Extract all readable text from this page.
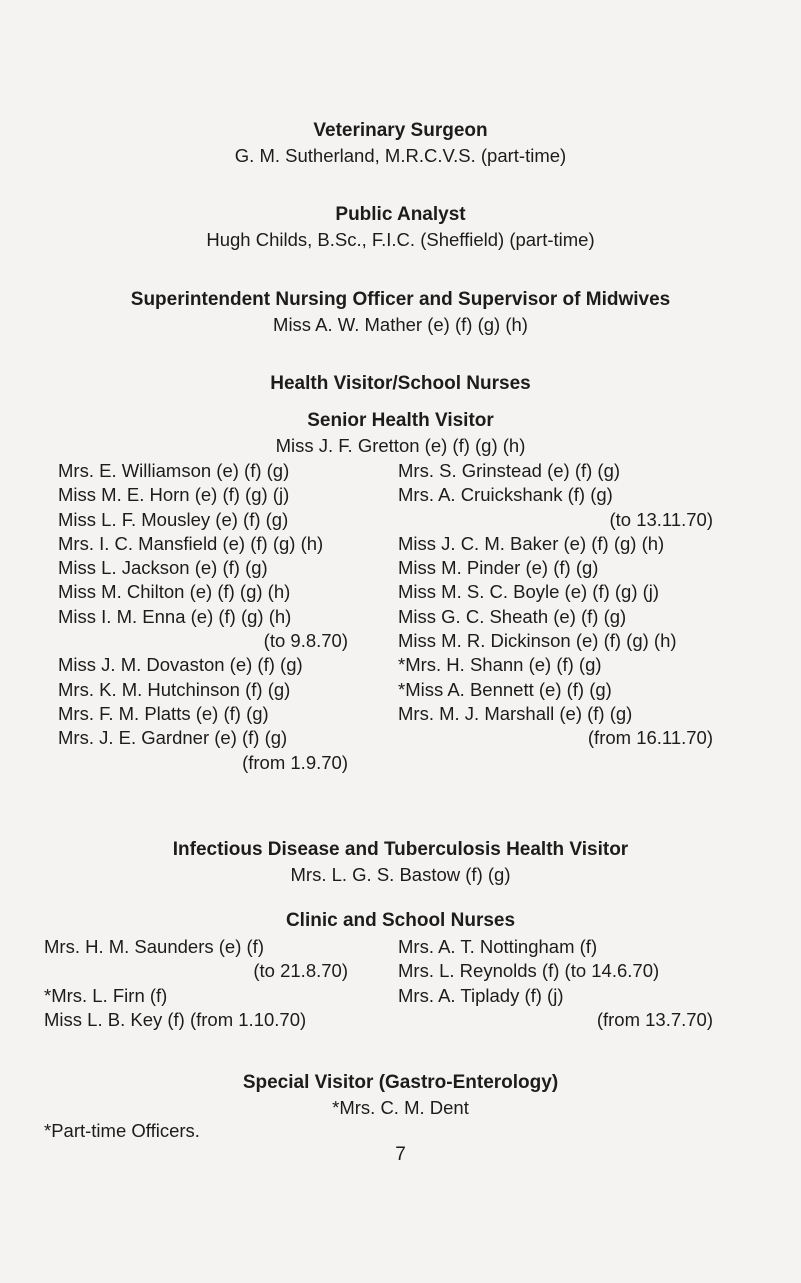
Veterinary Surgeon
G. M. Sutherland, M.R.C.V.S. (part-time)
Public Analyst
Hugh Childs, B.Sc., F.I.C. (Sheffield) (part-time)
Superintendent Nursing Officer and Supervisor of Midwives
Miss A. W. Mather (e) (f) (g) (h)
Health Visitor/School Nurses
Senior Health Visitor
Miss J. F. Gretton (e) (f) (g) (h)
Mrs. E. Williamson (e) (f) (g)
Miss M. E. Horn (e) (f) (g) (j)
Miss L. F. Mousley (e) (f) (g)
Mrs. I. C. Mansfield (e) (f) (g) (h)
Miss L. Jackson (e) (f) (g)
Miss M. Chilton (e) (f) (g) (h)
Miss I. M. Enna (e) (f) (g) (h)
(to 9.8.70)
Miss J. M. Dovaston (e) (f) (g)
Mrs. K. M. Hutchinson (f) (g)
Mrs. F. M. Platts (e) (f) (g)
Mrs. J. E. Gardner (e) (f) (g)
(from 1.9.70)
Mrs. S. Grinstead (e) (f) (g)
Mrs. A. Cruickshank (f) (g)
(to 13.11.70)
Miss J. C. M. Baker (e) (f) (g) (h)
Miss M. Pinder (e) (f) (g)
Miss M. S. C. Boyle (e) (f) (g) (j)
Miss G. C. Sheath (e) (f) (g)
Miss M. R. Dickinson (e) (f) (g) (h)
*Mrs. H. Shann (e) (f) (g)
*Miss A. Bennett (e) (f) (g)
Mrs. M. J. Marshall (e) (f) (g)
(from 16.11.70)
Infectious Disease and Tuberculosis Health Visitor
Mrs. L. G. S. Bastow (f) (g)
Clinic and School Nurses
Mrs. H. M. Saunders (e) (f)
(to 21.8.70)
*Mrs. L. Firn (f)
Miss L. B. Key (f) (from 1.10.70)
Mrs. A. T. Nottingham (f)
Mrs. L. Reynolds (f) (to 14.6.70)
Mrs. A. Tiplady (f) (j)
(from 13.7.70)
Special Visitor (Gastro-Enterology)
*Mrs. C. M. Dent
*Part-time Officers.
7
